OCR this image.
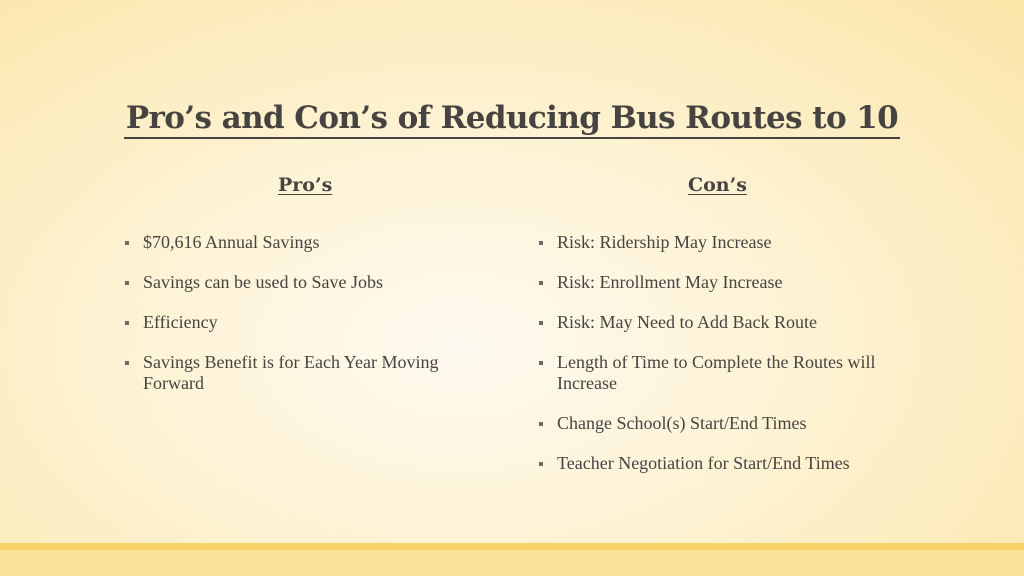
Pro’s and Con’s of Reducing Bus Routes to 10
Pro’s	Con’s
$70,616 Annual Savings
Savings can be used to Save Jobs
Efficiency
Savings Benefit is for Each Year Moving Forward
Risk: Ridership May Increase
Risk: Enrollment May Increase
Risk: May Need to Add Back Route
Length of Time to Complete the Routes will Increase
Change School(s) Start/End Times
Teacher Negotiation for Start/End Times
